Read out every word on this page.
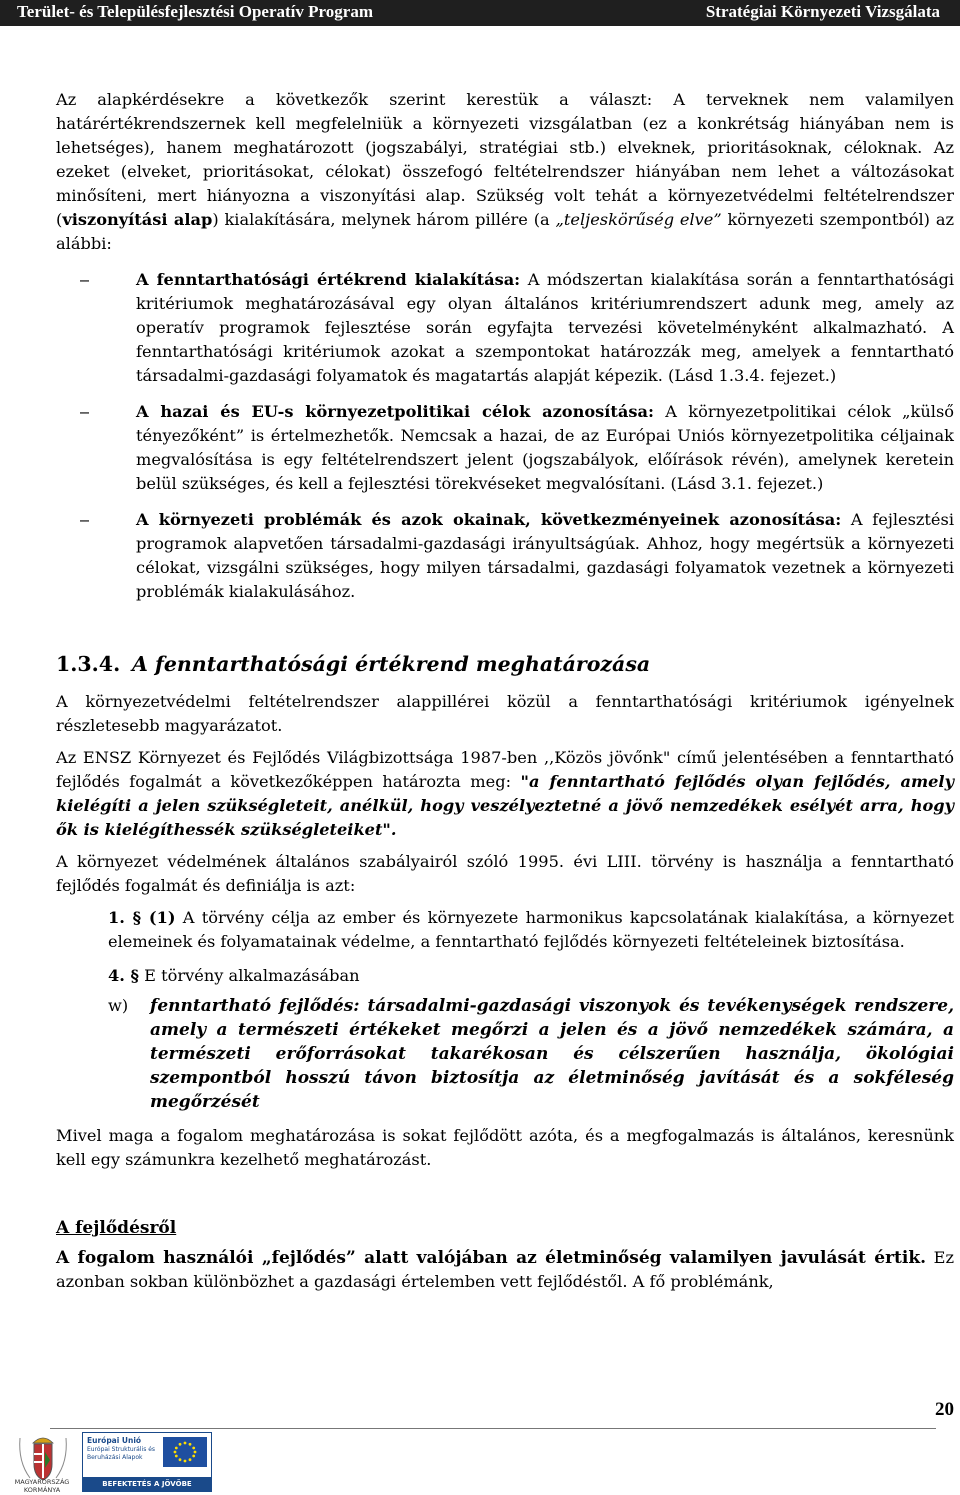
Terület- és Településfejlesztési Operatív Program	Stratégiai Környezeti Vizsgálata

Az alapkérdésekre a következők szerint kerestük a választ: A terveknek nem valamilyen határértékrendszernek kell megfelelniük a környezeti vizsgálatban (ez a konkrétság hiányában nem is lehetséges), hanem meghatározott (jogszabályi, stratégiai stb.) elveknek, prioritásoknak, céloknak. Az ezeket (elveket, prioritásokat, célokat) összefogó feltételrendszer hiányában nem lehet a változásokat minősíteni, mert hiányozna a viszonyítási alap. Szükség volt tehát a környezetvédelmi feltételrendszer (viszonyítási alap) kialakítására, melynek három pillére (a „teljeskörűség elve” környezeti szempontból) az alábbi:

– A fenntarthatósági értékrend kialakítása: A módszertan kialakítása során a fenntarthatósági kritériumok meghatározásával egy olyan általános kritériumrendszert adunk meg, amely az operatív programok fejlesztése során egyfajta tervezési követelményként alkalmazható. A fenntarthatósági kritériumok azokat a szempontokat határozzák meg, amelyek a fenntartható társadalmi-gazdasági folyamatok és magatartás alapját képezik. (Lásd 1.3.4. fejezet.)
– A hazai és EU-s környezetpolitikai célok azonosítása: A környezetpolitikai célok „külső tényezőként” is értelmezhetők. Nemcsak a hazai, de az Európai Uniós környezetpolitika céljainak megvalósítása is egy feltételrendszert jelent (jogszabályok, előírások révén), amelynek keretein belül szükséges, és kell a fejlesztési törekvéseket megvalósítani. (Lásd 3.1. fejezet.)
– A környezeti problémák és azok okainak, következményeinek azonosítása: A fejlesztési programok alapvetően társadalmi-gazdasági irányultságúak. Ahhoz, hogy megértsük a környezeti célokat, vizsgálni szükséges, hogy milyen társadalmi, gazdasági folyamatok vezetnek a környezeti problémák kialakulásához.
1.3.4. A fenntarthatósági értékrend meghatározása

A környezetvédelmi feltételrendszer alappillérei közül a fenntarthatósági kritériumok igényelnek részletesebb magyarázatot.

Az ENSZ Környezet és Fejlődés Világbizottsága 1987-ben ,,Közös jövőnk" című jelentésében a fenntartható fejlődés fogalmát a következőképpen határozta meg: "a fenntartható fejlődés olyan fejlődés, amely kielégíti a jelen szükségleteit, anélkül, hogy veszélyeztetné a jövő nemzedékek esélyét arra, hogy ők is kielégíthessék szükségleteiket".

A környezet védelmének általános szabályairól szóló 1995. évi LIII. törvény is használja a fenntartható fejlődés fogalmát és definiálja is azt:

1. § (1) A törvény célja az ember és környezete harmonikus kapcsolatának kialakítása, a környezet elemeinek és folyamatainak védelme, a fenntartható fejlődés környezeti feltételeinek biztosítása.
4. § E törvény alkalmazásában
w) fenntartható fejlődés: társadalmi-gazdasági viszonyok és tevékenységek rendszere, amely a természeti értékeket megőrzi a jelen és a jövő nemzedékek számára, a természeti erőforrásokat takarékosan és célszerűen használja, ökológiai szempontból hosszú távon biztosítja az életminőség javítását és a sokféleség megőrzését

Mivel maga a fogalom meghatározása is sokat fejlődött azóta, és a megfogalmazás is általános, keresnünk kell egy számunkra kezelhető meghatározást.

A fejlődésről

A fogalom használói „fejlődés” alatt valójában az életminőség valamilyen javulását értik. Ez azonban sokban különbözhet a gazdasági értelemben vett fejlődéstől. A fő problémánk,

20
MAGYARORSZÁG KORMÁNYA
Európai Unió
Európai Strukturális és Beruházási Alapok
BEFEKTETÉS A JÖVŐBE
